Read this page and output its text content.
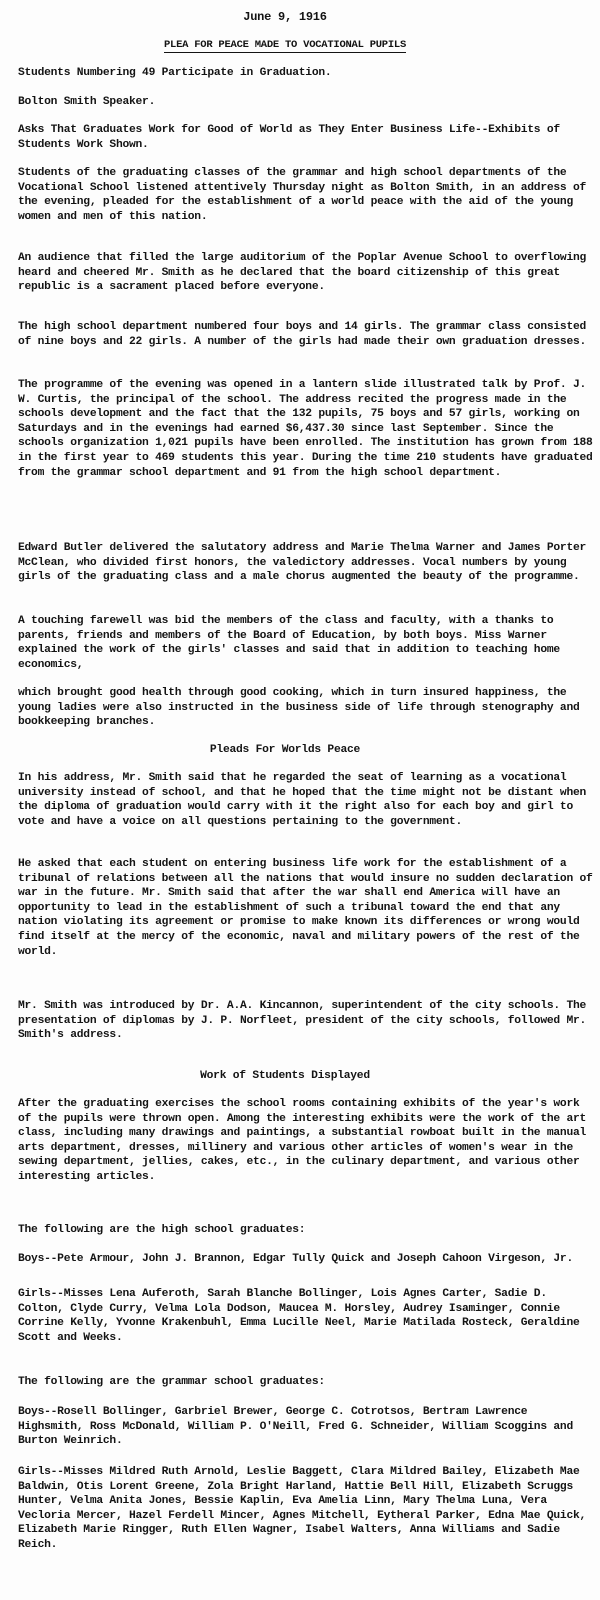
June 9, 1916
PLEA FOR PEACE MADE TO VOCATIONAL PUPILS

Students Numbering 49 Participate in Graduation.

Bolton Smith Speaker.

Asks That Graduates Work for Good of World as They Enter Business Life--Exhibits of Students Work Shown.

Students of the graduating classes of the grammar and high school departments of the Vocational School listened attentively Thursday night as Bolton Smith, in an address of the evening, pleaded for the establishment of a world peace with the aid of the young women and men of this nation.

An audience that filled the large auditorium of the Poplar Avenue School to overflowing heard and cheered Mr. Smith as he declared that the board citizenship of this great republic is a sacrament placed before everyone.

The high school department numbered four boys and 14 girls. The grammar class consisted of nine boys and 22 girls. A number of the girls had made their own graduation dresses.

The programme of the evening was opened in a lantern slide illustrated talk by Prof. J. W. Curtis, the principal of the school. The address recited the progress made in the schools development and the fact that the 132 pupils, 75 boys and 57 girls, working on Saturdays and in the evenings had earned $6,437.30 since last September. Since the schools organization 1,021 pupils have been enrolled. The institution has grown from 188 in the first year to 469 students this year. During the time 210 students have graduated from the grammar school department and 91 from the high school department.

Edward Butler delivered the salutatory address and Marie Thelma Warner and James Porter McClean, who divided first honors, the valedictory addresses. Vocal numbers by young girls of the graduating class and a male chorus augmented the beauty of the programme.

A touching farewell was bid the members of the class and faculty, with a thanks to parents, friends and members of the Board of Education, by both boys. Miss Warner explained the work of the girls' classes and said that in addition to teaching home economics,

which brought good health through good cooking, which in turn insured happiness, the young ladies were also instructed in the business side of life through stenography and bookkeeping branches.

Pleads For Worlds Peace

In his address, Mr. Smith said that he regarded the seat of learning as a vocational university instead of school, and that he hoped that the time might not be distant when the diploma of graduation would carry with it the right also for each boy and girl to vote and have a voice on all questions pertaining to the government.

He asked that each student on entering business life work for the establishment of a tribunal of relations between all the nations that would insure no sudden declaration of war in the future. Mr. Smith said that after the war shall end America will have an opportunity to lead in the establishment of such a tribunal toward the end that any nation violating its agreement or promise to make known its differences or wrong would find itself at the mercy of the economic, naval and military powers of the rest of the world.

Mr. Smith was introduced by Dr. A.A. Kincannon, superintendent of the city schools. The presentation of diplomas by J. P. Norfleet, president of the city schools, followed Mr. Smith's address.

Work of Students Displayed

After the graduating exercises the school rooms containing exhibits of the year's work of the pupils were thrown open. Among the interesting exhibits were the work of the art class, including many drawings and paintings, a substantial rowboat built in the manual arts department, dresses, millinery and various other articles of women's wear in the sewing department, jellies, cakes, etc., in the culinary department, and various other interesting articles.

The following are the high school graduates:

Boys--Pete Armour, John J. Brannon, Edgar Tully Quick and Joseph Cahoon Virgeson, Jr.

Girls--Misses Lena Auferoth, Sarah Blanche Bollinger, Lois Agnes Carter, Sadie D. Colton, Clyde Curry, Velma Lola Dodson, Maucea M. Horsley, Audrey Isaminger, Connie Corrine Kelly, Yvonne Krakenbuhl, Emma Lucille Neel, Marie Matilada Rosteck, Geraldine Scott and Weeks.

The following are the grammar school graduates:

Boys--Rosell Bollinger, Garbriel Brewer, George C. Cotrotsos, Bertram Lawrence Highsmith, Ross McDonald, William P. O'Neill, Fred G. Schneider, William Scoggins and Burton Weinrich.

Girls--Misses Mildred Ruth Arnold, Leslie Baggett, Clara Mildred Bailey, Elizabeth Mae Baldwin, Otis Lorent Greene, Zola Bright Harland, Hattie Bell Hill, Elizabeth Scruggs Hunter, Velma Anita Jones, Bessie Kaplin, Eva Amelia Linn, Mary Thelma Luna, Vera Vecloria Mercer, Hazel Ferdell Mincer, Agnes Mitchell, Eytheral Parker, Edna Mae Quick, Elizabeth Marie Ringger, Ruth Ellen Wagner, Isabel Walters, Anna Williams and Sadie Reich.
